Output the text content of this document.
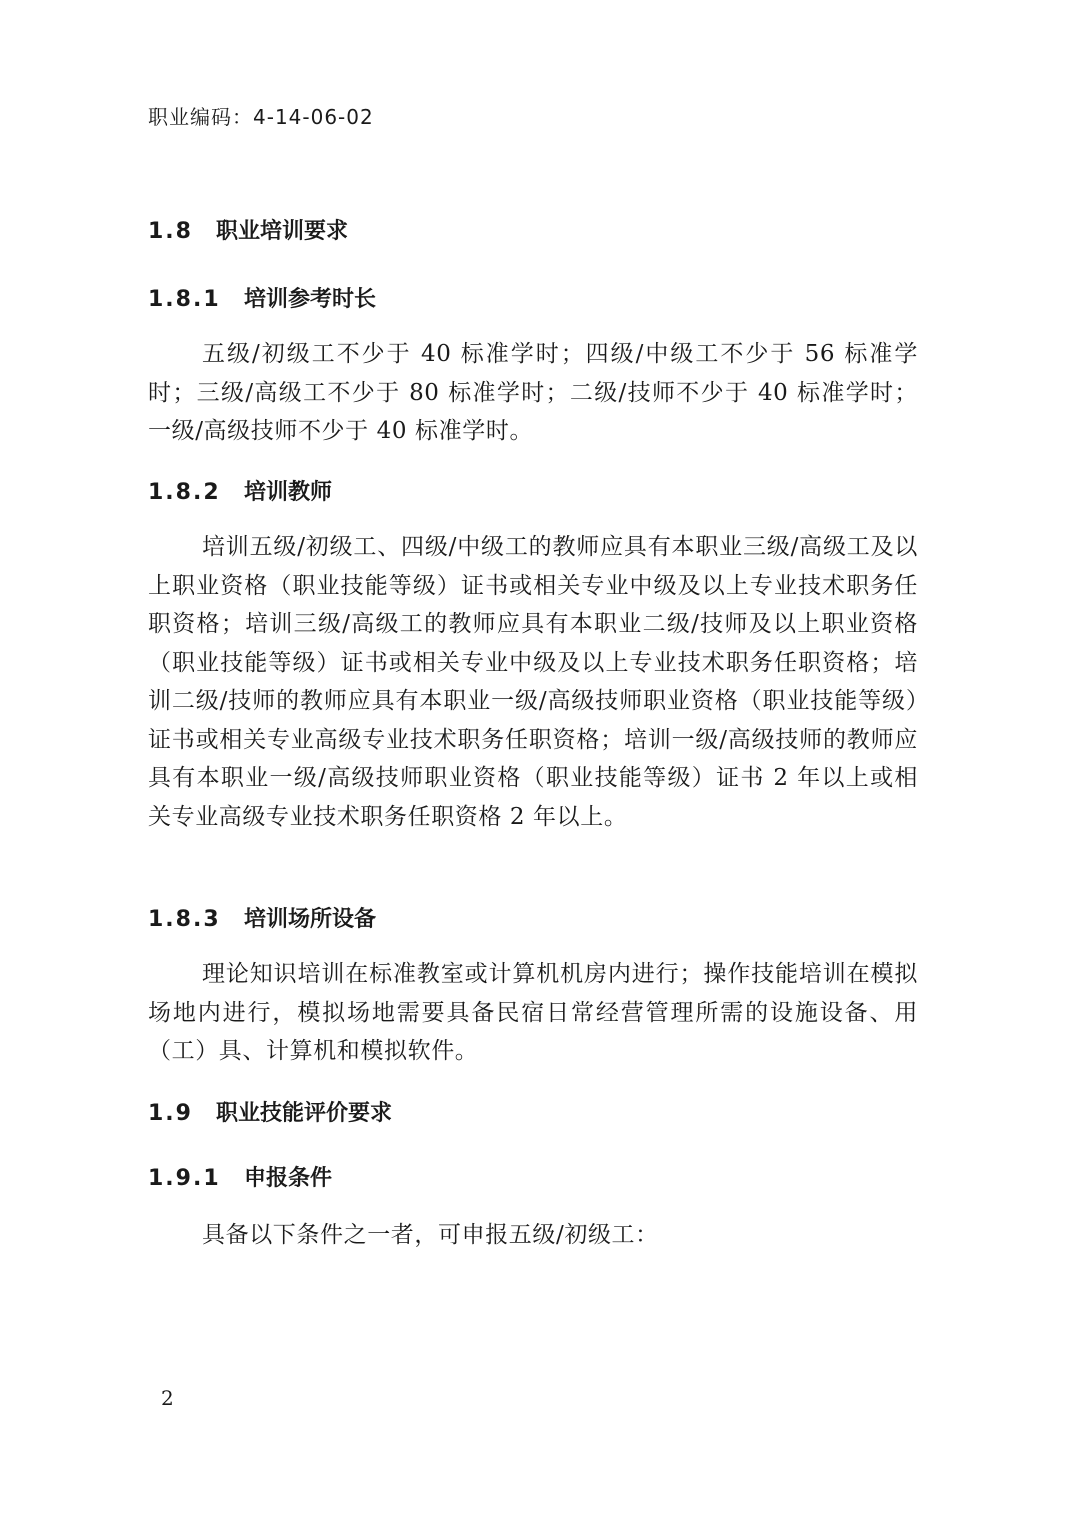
职业编码：4-14-06-02
1.8 职业培训要求
1.8.1 培训参考时长

五级/初级工不少于 40 标准学时；四级/中级工不少于 56 标准学时；三级/高级工不少于 80 标准学时；二级/技师不少于 40 标准学时；一级/高级技师不少于 40 标准学时。

1.8.2 培训教师

培训五级/初级工、四级/中级工的教师应具有本职业三级/高级工及以上职业资格（职业技能等级）证书或相关专业中级及以上专业技术职务任职资格；培训三级/高级工的教师应具有本职业二级/技师及以上职业资格（职业技能等级）证书或相关专业中级及以上专业技术职务任职资格；培训二级/技师的教师应具有本职业一级/高级技师职业资格（职业技能等级）证书或相关专业高级专业技术职务任职资格；培训一级/高级技师的教师应具有本职业一级/高级技师职业资格（职业技能等级）证书 2 年以上或相关专业高级专业技术职务任职资格 2 年以上。

1.8.3 培训场所设备

理论知识培训在标准教室或计算机机房内进行；操作技能培训在模拟场地内进行，模拟场地需要具备民宿日常经营管理所需的设施设备、用（工）具、计算机和模拟软件。

1.9 职业技能评价要求
1.9.1 申报条件

具备以下条件之一者，可申报五级/初级工：

2
